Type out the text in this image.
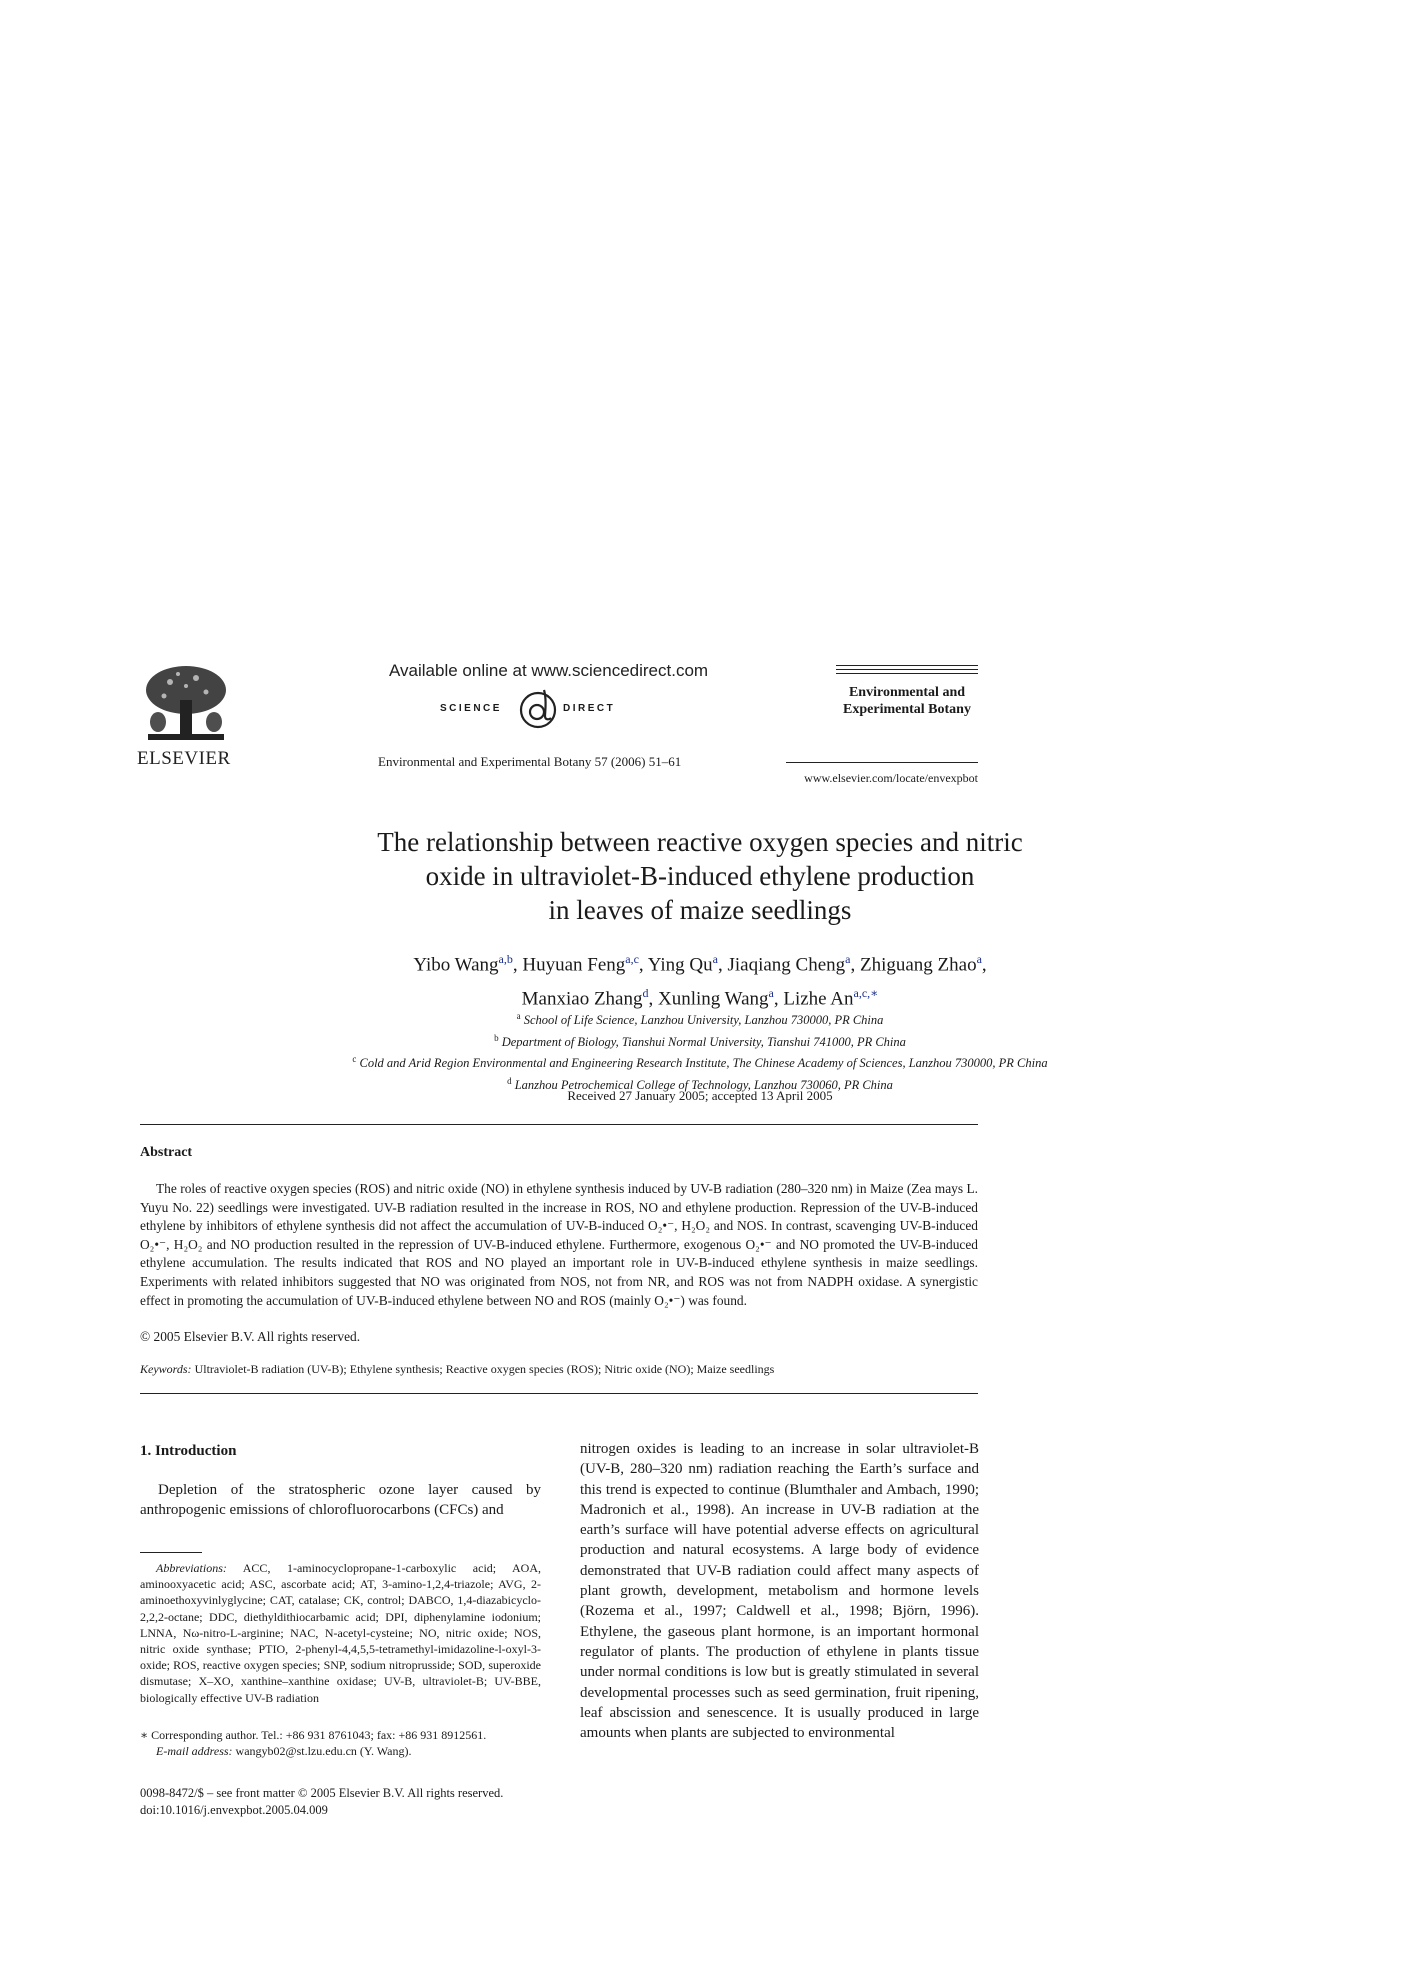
ELSEVIER
Available online at www.sciencedirect.com
SCIENCE	DIRECT
Environmental and Experimental Botany 57 (2006) 51–61
Environmental and Experimental Botany
www.elsevier.com/locate/envexpbot
The relationship between reactive oxygen species and nitric
oxide in ultraviolet-B-induced ethylene production
in leaves of maize seedlings
Yibo Wang$^{a,b}$, Huyuan Feng$^{a,c}$, Ying Qu$^a$, Jiaqiang Cheng$^a$, Zhiguang Zhao$^a$,
Manxiao Zhang$^d$, Xunling Wang$^a$, Lizhe $An^{a,c,∗}$
$^a$ School of Life Science, Lanzhou University, Lanzhou 730000, PR China
$^b$ Department of Biology, Tianshui Normal University, Tianshui 741000, PR China
$^c$ Cold and Arid Region Environmental and Engineering Research Institute, The Chinese Academy of Sciences, Lanzhou 730000, PR China
$^d$ Lanzhou Petrochemical College of Technology, Lanzhou 730060, PR China
Received 27 January 2005; accepted 13 April 2005
Abstract

The roles of reactive oxygen species (ROS) and nitric oxide (NO) in ethylene synthesis induced by UV-B radiation (280–320 nm) in Maize (Zea mays L. Yuyu No. 22) seedlings were investigated. UV-B radiation resulted in the increase in ROS, NO and ethylene production. Repression of the UV-B-induced ethylene by inhibitors of ethylene synthesis did not affect the accumulation of UV-B-induced O₂•⁻, H₂O₂ and NOS. In contrast, scavenging UV-B-induced O₂•⁻, H₂O₂ and NO production resulted in the repression of UV-B-induced ethylene. Furthermore, exogenous O₂•⁻ and NO promoted the UV-B-induced ethylene accumulation. The results indicated that ROS and NO played an important role in UV-B-induced ethylene synthesis in maize seedlings. Experiments with related inhibitors suggested that NO was originated from NOS, not from NR, and ROS was not from NADPH oxidase. A synergistic effect in promoting the accumulation of UV-B-induced ethylene between NO and ROS (mainly O₂•⁻) was found.

© 2005 Elsevier B.V. All rights reserved.
Keywords: Ultraviolet-B radiation (UV-B); Ethylene synthesis; Reactive oxygen species (ROS); Nitric oxide (NO); Maize seedlings
1. Introduction

Depletion of the stratospheric ozone layer caused by anthropogenic emissions of chlorofluorocarbons (CFCs) and

nitrogen oxides is leading to an increase in solar ultraviolet-B (UV-B, 280–320 nm) radiation reaching the Earth’s surface and this trend is expected to continue (Blumthaler and Ambach, 1990; Madronich et al., 1998). An increase in UV-B radiation at the earth’s surface will have potential adverse effects on agricultural production and natural ecosystems. A large body of evidence demonstrated that UV-B radiation could affect many aspects of plant growth, development, metabolism and hormone levels (Rozema et al., 1997; Caldwell et al., 1998; Björn, 1996). Ethylene, the gaseous plant hormone, is an important hormonal regulator of plants. The production of ethylene in plants tissue under normal conditions is low but is greatly stimulated in several developmental processes such as seed germination, fruit ripening, leaf abscission and senescence. It is usually produced in large amounts when plants are subjected to environmental

Abbreviations: ACC, 1-aminocyclopropane-1-carboxylic acid; AOA, aminooxyacetic acid; ASC, ascorbate acid; AT, 3-amino-1,2,4-triazole; AVG, 2-aminoethoxyvinlyglycine; CAT, catalase; CK, control; DABCO, 1,4-diazabicyclo-2,2,2-octane; DDC, diethyldithiocarbamic acid; DPI, diphenylamine iodonium; LNNA, Nω-nitro-L-arginine; NAC, N-acetyl-cysteine; NO, nitric oxide; NOS, nitric oxide synthase; PTIO, 2-phenyl-4,4,5,5-tetramethyl-imidazoline-l-oxyl-3-oxide; ROS, reactive oxygen species; SNP, sodium nitroprusside; SOD, superoxide dismutase; X–XO, xanthine–xanthine oxidase; UV-B, ultraviolet-B; UV-BBE, biologically effective UV-B radiation

∗ Corresponding author. Tel.: +86 931 8761043; fax: +86 931 8912561.
E-mail address: wangyb02@st.lzu.edu.cn (Y. Wang).
0098-8472/$ – see front matter © 2005 Elsevier B.V. All rights reserved.
doi:10.1016/j.envexpbot.2005.04.009
